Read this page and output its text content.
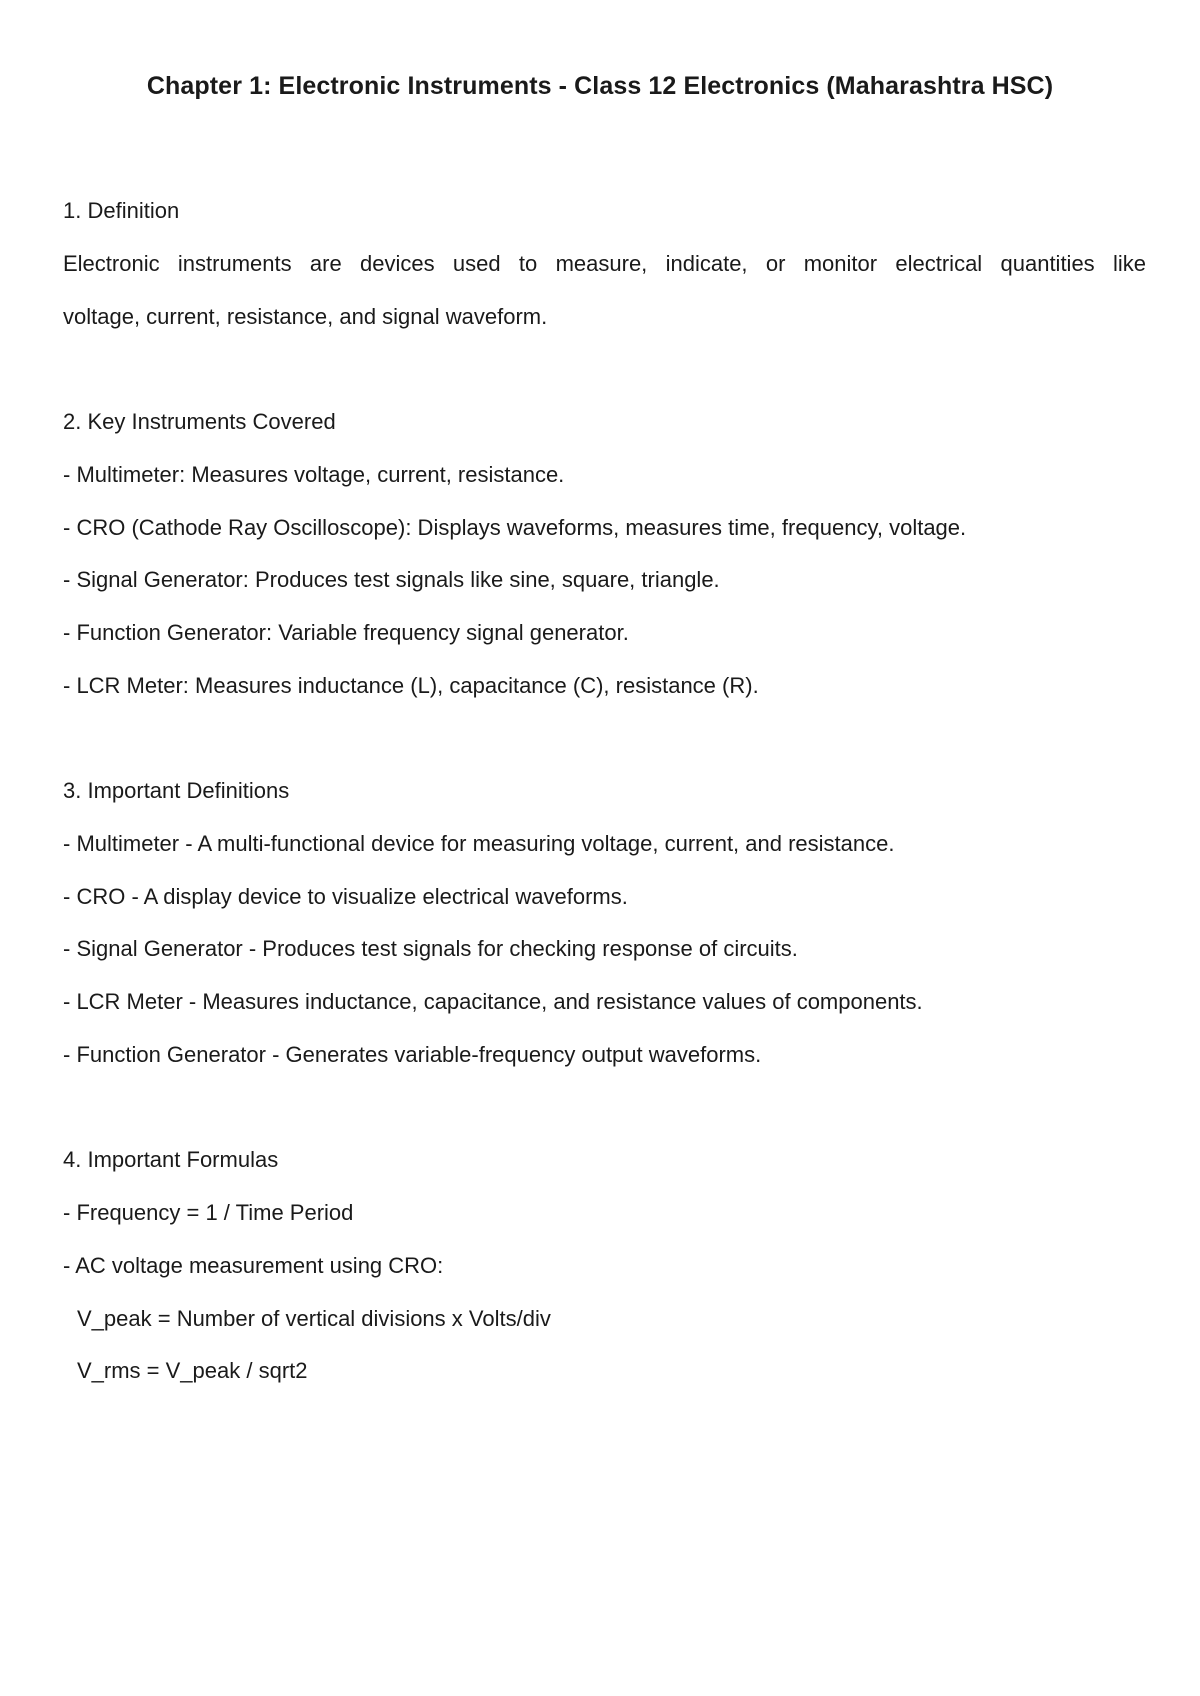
Chapter 1: Electronic Instruments - Class 12 Electronics (Maharashtra HSC)
1. Definition
Electronic instruments are devices used to measure, indicate, or monitor electrical quantities like
voltage, current, resistance, and signal waveform.
2. Key Instruments Covered
- Multimeter: Measures voltage, current, resistance.
- CRO (Cathode Ray Oscilloscope): Displays waveforms, measures time, frequency, voltage.
- Signal Generator: Produces test signals like sine, square, triangle.
- Function Generator: Variable frequency signal generator.
- LCR Meter: Measures inductance (L), capacitance (C), resistance (R).
3. Important Definitions
- Multimeter - A multi-functional device for measuring voltage, current, and resistance.
- CRO - A display device to visualize electrical waveforms.
- Signal Generator - Produces test signals for checking response of circuits.
- LCR Meter - Measures inductance, capacitance, and resistance values of components.
- Function Generator - Generates variable-frequency output waveforms.
4. Important Formulas
- Frequency = 1 / Time Period
- AC voltage measurement using CRO:
V_peak = Number of vertical divisions x Volts/div
V_rms = V_peak / sqrt2
